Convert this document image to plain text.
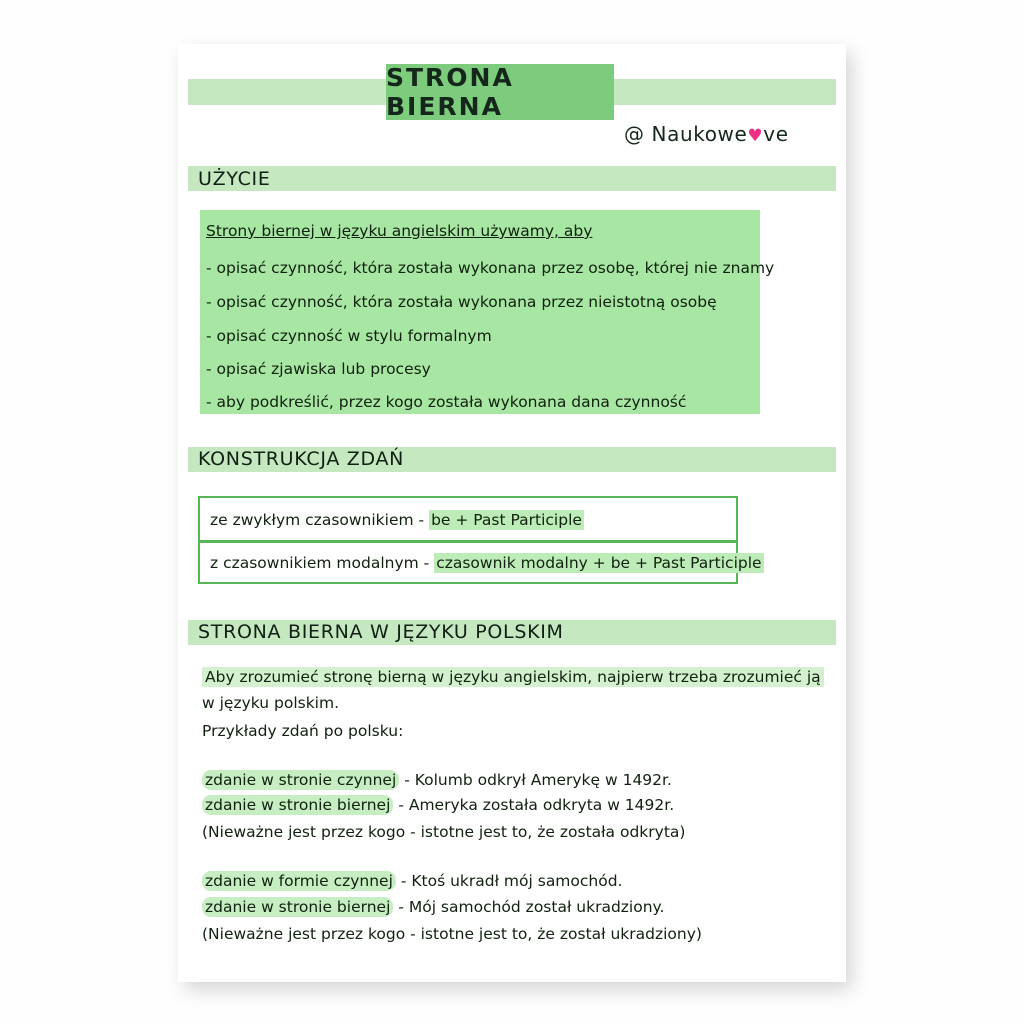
STRONA BIERNA
@ Naukowe♥ve
UŻYCIE
Strony biernej w języku angielskim używamy, aby
- opisać czynność, która została wykonana przez osobę, której nie znamy
- opisać czynność, która została wykonana przez nieistotną osobę
- opisać czynność w stylu formalnym
- opisać zjawiska lub procesy
- aby podkreślić, przez kogo została wykonana dana czynność
KONSTRUKCJA ZDAŃ
ze zwykłym czasownikiem - be + Past Participle
z czasownikiem modalnym - czasownik modalny + be + Past Participle
STRONA BIERNA W JĘZYKU POLSKIM
Aby zrozumieć stronę bierną w języku angielskim, najpierw trzeba zrozumieć ją
w języku polskim.
Przykłady zdań po polsku:
zdanie w stronie czynnej - Kolumb odkrył Amerykę w 1492r.
zdanie w stronie biernej - Ameryka została odkryta w 1492r.
(Nieważne jest przez kogo - istotne jest to, że została odkryta)
zdanie w formie czynnej - Ktoś ukradł mój samochód.
zdanie w stronie biernej - Mój samochód został ukradziony.
(Nieważne jest przez kogo - istotne jest to, że został ukradziony)
